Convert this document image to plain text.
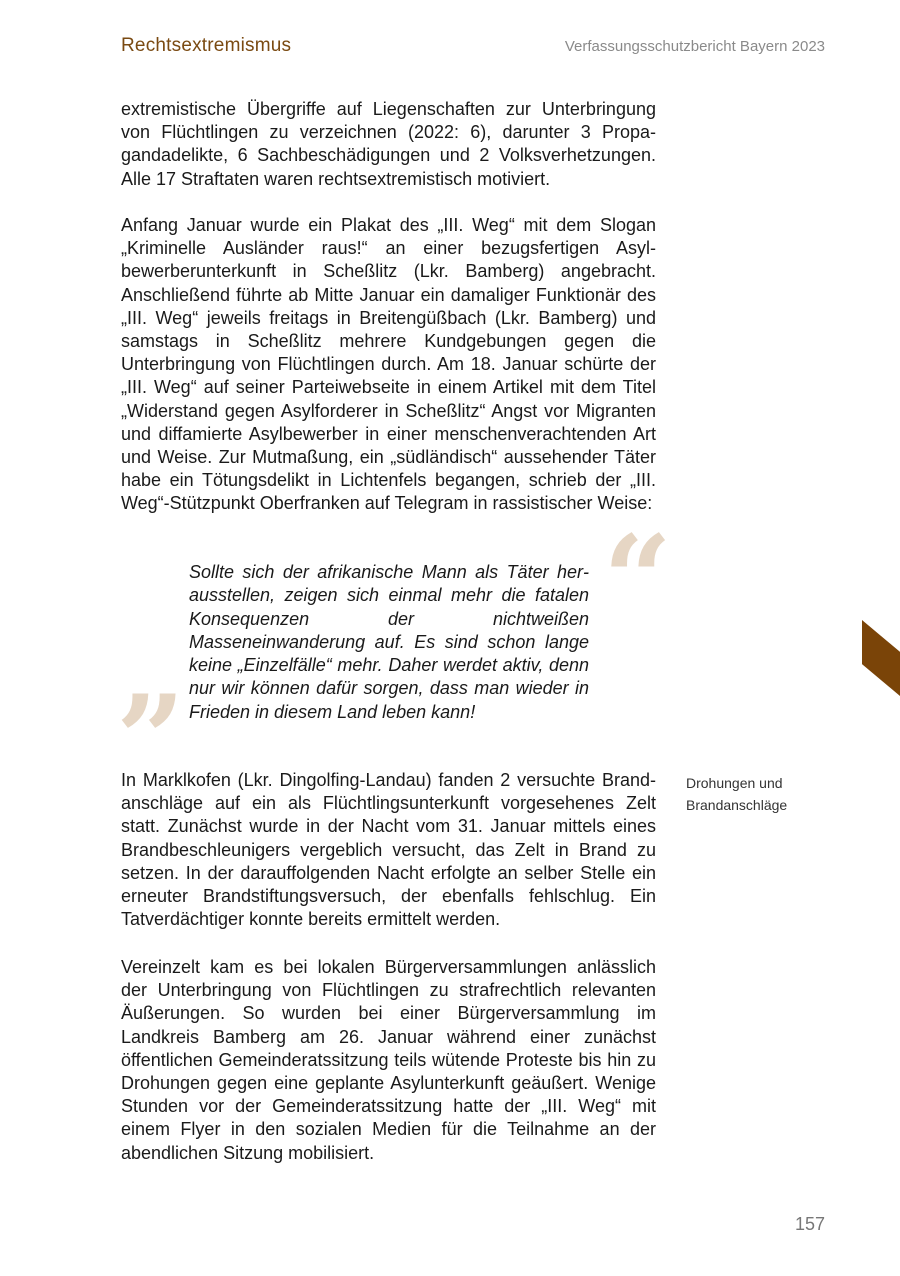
Rechtsextremismus	Verfassungsschutzbericht Bayern 2023

extremistische Übergriffe auf Liegenschaften zur Unterbringung von Flüchtlingen zu verzeichnen (2022: 6), darunter 3 Propagandadelikte, 6 Sachbeschädigungen und 2 Volksverhetzungen. Alle 17 Straftaten waren rechtsextremistisch motiviert.

Anfang Januar wurde ein Plakat des „III. Weg“ mit dem Slogan „Kriminelle Ausländer raus!“ an einer bezugsfertigen Asylbewerberunterkunft in Scheßlitz (Lkr. Bamberg) angebracht. Anschließend führte ab Mitte Januar ein damaliger Funktionär des „III. Weg“ jeweils freitags in Breitengüßbach (Lkr. Bamberg) und samstags in Scheßlitz mehrere Kundgebungen gegen die Unterbringung von Flüchtlingen durch. Am 18. Januar schürte der „III. Weg“ auf seiner Parteiwebseite in einem Artikel mit dem Titel „Widerstand gegen Asylforderer in Scheßlitz“ Angst vor Migranten und diffamierte Asylbewerber in einer menschenverachtenden Art und Weise. Zur Mutmaßung, ein „südländisch“ aussehender Täter habe ein Tötungsdelikt in Lichtenfels begangen, schrieb der „III. Weg“-Stützpunkt Oberfranken auf Telegram in rassistischer Weise:

“

Sollte sich der afrikanische Mann als Täter herausstellen, zeigen sich einmal mehr die fatalen Konsequenzen der nichtweißen Masseneinwanderung auf. Es sind schon lange keine „Einzelfälle“ mehr. Daher werdet aktiv, denn nur wir können dafür sorgen, dass man wieder in Frieden in diesem Land leben kann!

”

In Marklkofen (Lkr. Dingolfing-Landau) fanden 2 versuchte Brandanschläge auf ein als Flüchtlingsunterkunft vorgesehenes Zelt statt. Zunächst wurde in der Nacht vom 31. Januar mittels eines Brandbeschleunigers vergeblich versucht, das Zelt in Brand zu setzen. In der darauffolgenden Nacht erfolgte an selber Stelle ein erneuter Brandstiftungsversuch, der ebenfalls fehlschlug. Ein Tatverdächtiger konnte bereits ermittelt werden.

Drohungen und
Brandanschläge

Vereinzelt kam es bei lokalen Bürgerversammlungen anlässlich der Unterbringung von Flüchtlingen zu strafrechtlich relevanten Äußerungen. So wurden bei einer Bürgerversammlung im Landkreis Bamberg am 26. Januar während einer zunächst öffentlichen Gemeinderatssitzung teils wütende Proteste bis hin zu Drohungen gegen eine geplante Asylunterkunft geäußert. Wenige Stunden vor der Gemeinderatssitzung hatte der „III. Weg“ mit einem Flyer in den sozialen Medien für die Teilnahme an der abendlichen Sitzung mobilisiert.

157
